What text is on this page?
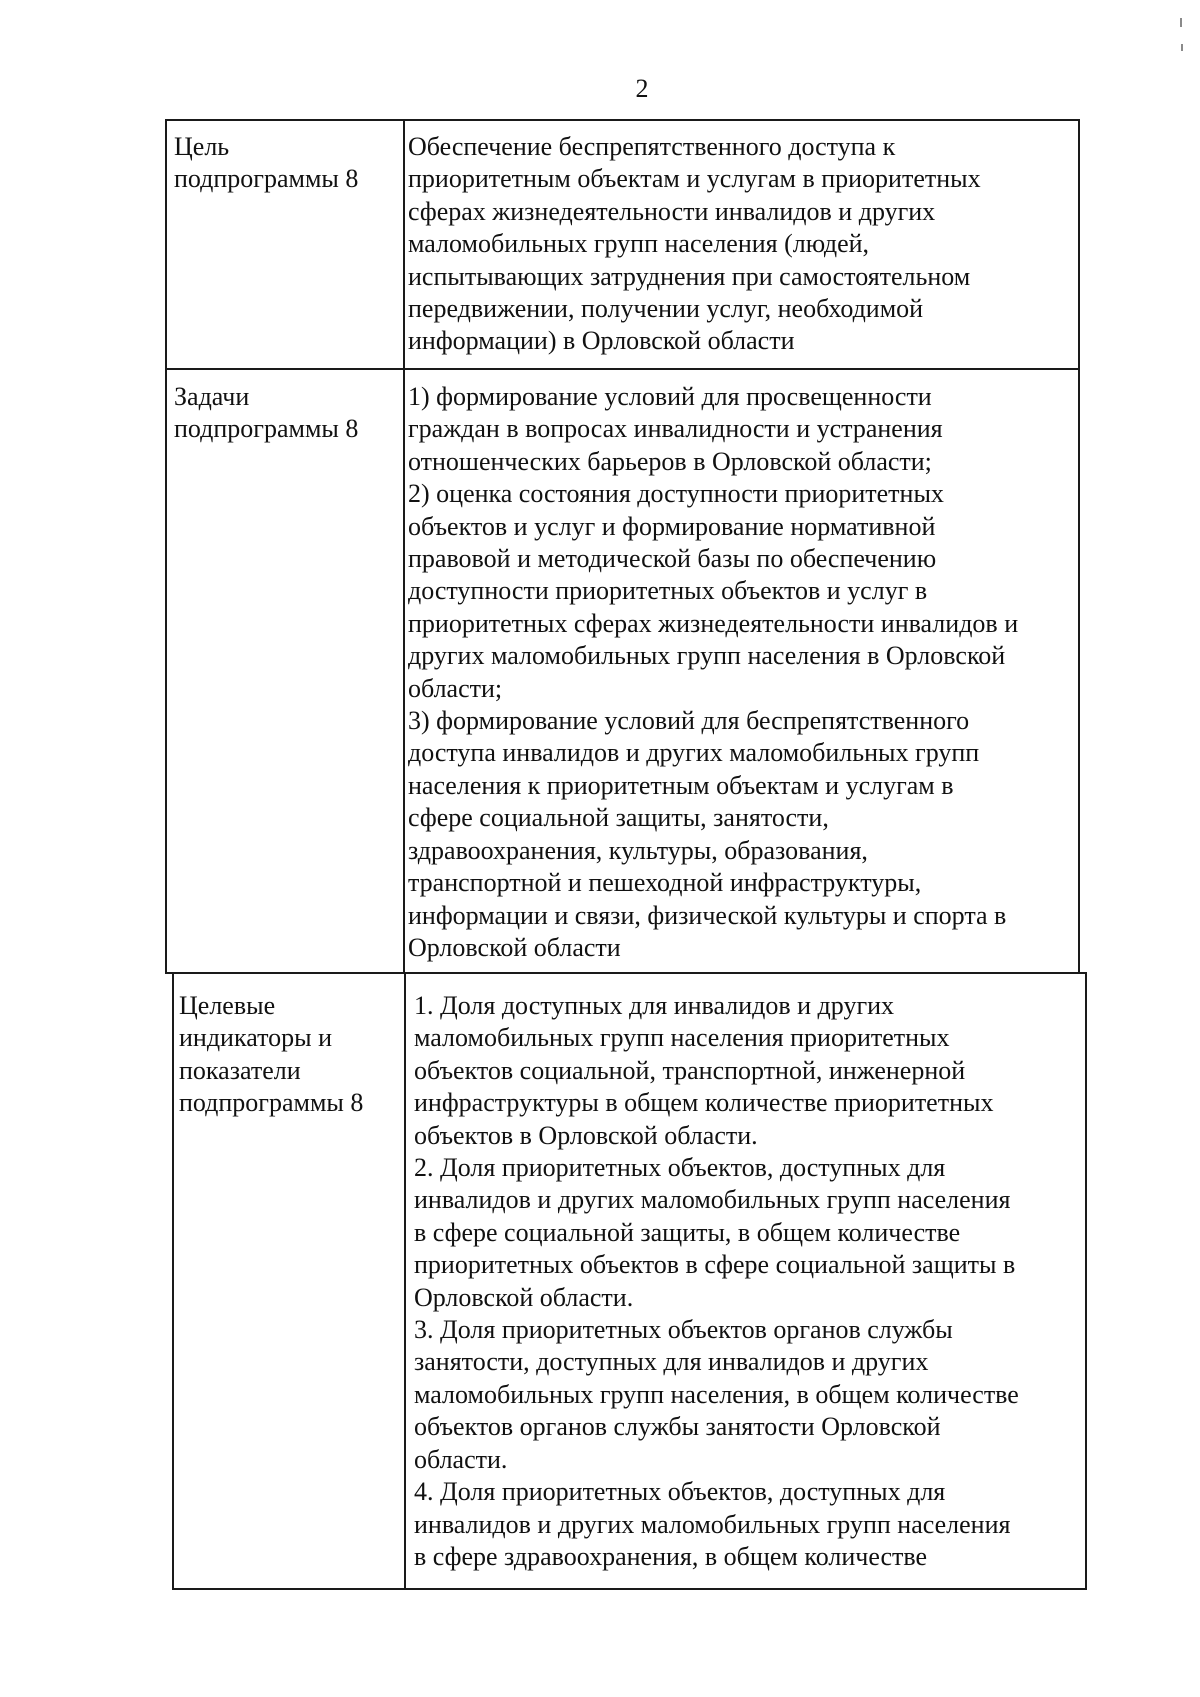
2

Цель
подпрограммы 8

Обеспечение беспрепятственного доступа к
приоритетным объектам и услугам в приоритетных
сферах жизнедеятельности инвалидов и других
маломобильных групп населения (людей,
испытывающих затруднения при самостоятельном
передвижении, получении услуг, необходимой
информации) в Орловской области

Задачи
подпрограммы 8

1) формирование условий для просвещенности
граждан в вопросах инвалидности и устранения
отношенческих барьеров в Орловской области;
2) оценка состояния доступности приоритетных
объектов и услуг и формирование нормативной
правовой и методической базы по обеспечению
доступности приоритетных объектов и услуг в
приоритетных сферах жизнедеятельности инвалидов и
других маломобильных групп населения в Орловской
области;
3) формирование условий для беспрепятственного
доступа инвалидов и других маломобильных групп
населения к приоритетным объектам и услугам в
сфере социальной защиты, занятости,
здравоохранения, культуры, образования,
транспортной и пешеходной инфраструктуры,
информации и связи, физической культуры и спорта в
Орловской области

Целевые
индикаторы и
показатели
подпрограммы 8

1. Доля доступных для инвалидов и других
маломобильных групп населения приоритетных
объектов социальной, транспортной, инженерной
инфраструктуры в общем количестве приоритетных
объектов в Орловской области.
2. Доля приоритетных объектов, доступных для
инвалидов и других маломобильных групп населения
в сфере социальной защиты, в общем количестве
приоритетных объектов в сфере социальной защиты в
Орловской области.
3. Доля приоритетных объектов органов службы
занятости, доступных для инвалидов и других
маломобильных групп населения, в общем количестве
объектов органов службы занятости Орловской
области.
4. Доля приоритетных объектов, доступных для
инвалидов и других маломобильных групп населения
в сфере здравоохранения, в общем количестве
